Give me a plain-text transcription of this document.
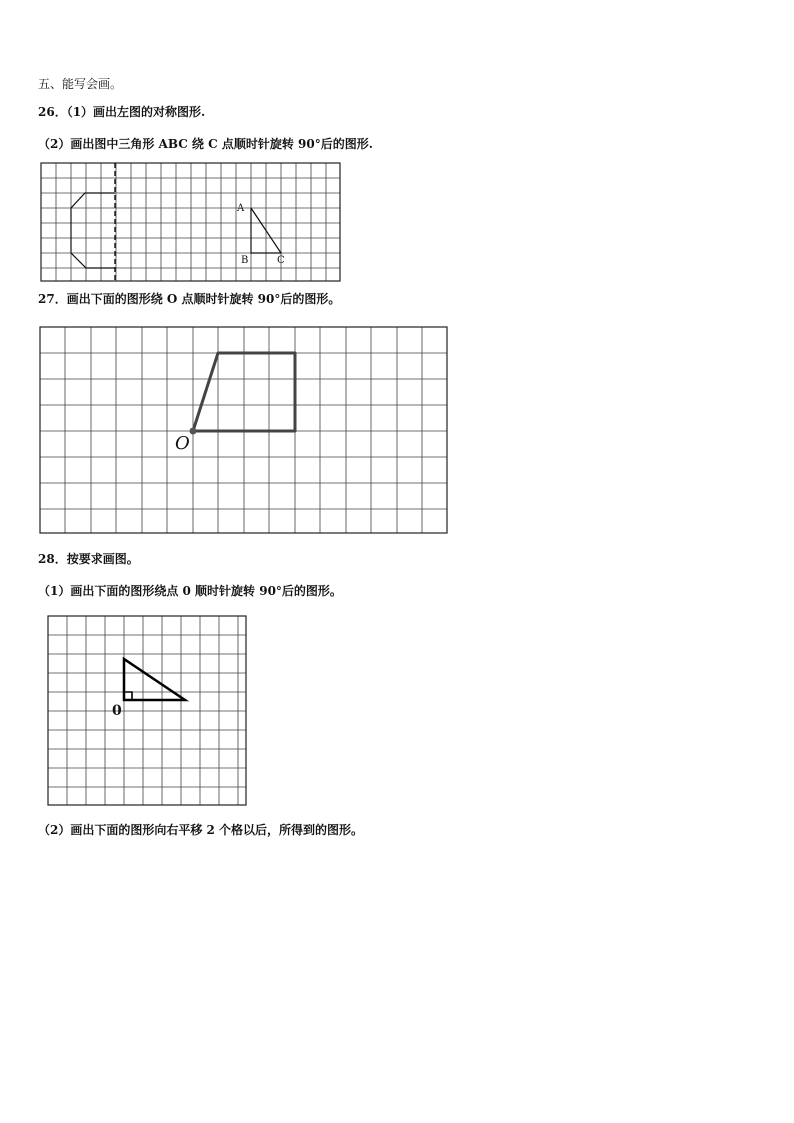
五、能写会画。
26．（1）画出左图的对称图形.
（2）画出图中三角形 ABC 绕 C 点顺时针旋转 90°后的图形.
A
B	C
27．画出下面的图形绕 O 点顺时针旋转 90°后的图形。
O
28．按要求画图。
（1）画出下面的图形绕点 0 顺时针旋转 90°后的图形。
0
（2）画出下面的图形向右平移 2 个格以后，所得到的图形。
